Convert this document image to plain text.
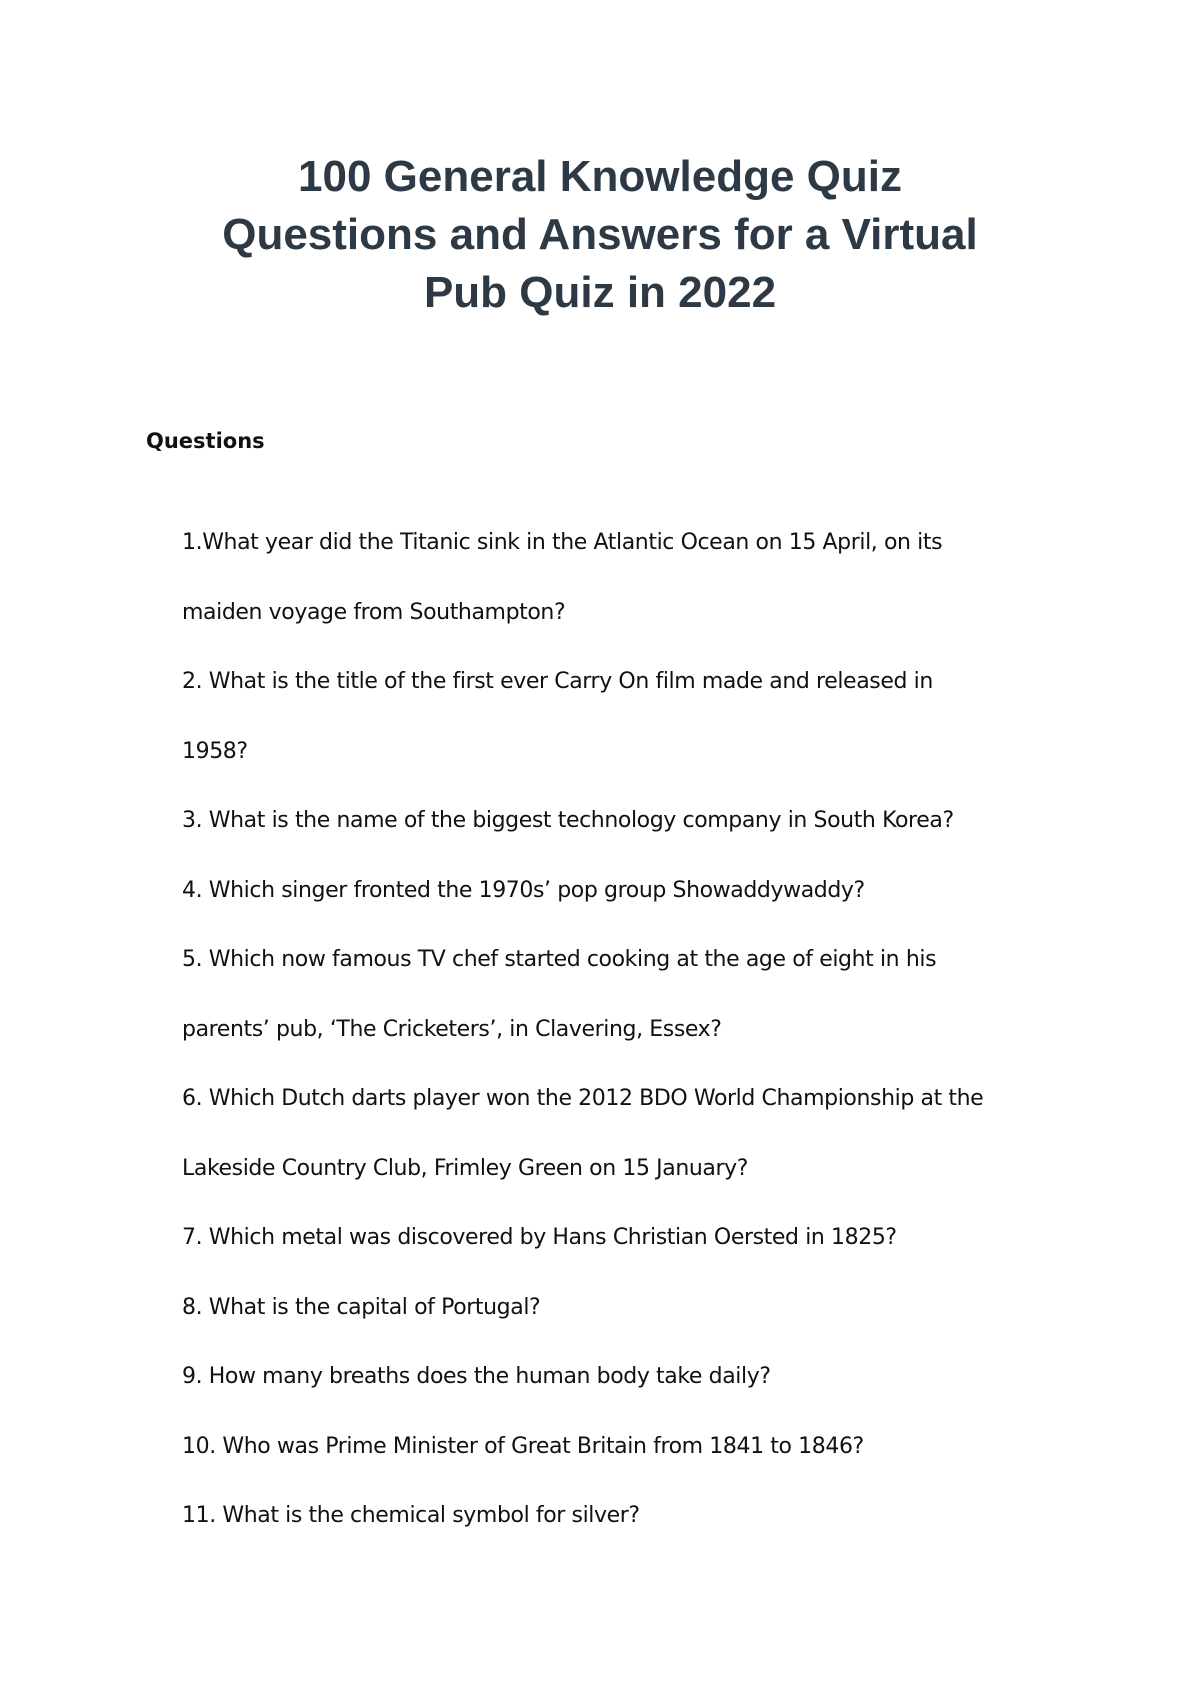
100 General Knowledge Quiz
Questions and Answers for a Virtual
Pub Quiz in 2022
Questions
1.What year did the Titanic sink in the Atlantic Ocean on 15 April, on its
maiden voyage from Southampton?
2. What is the title of the first ever Carry On film made and released in
1958?
3. What is the name of the biggest technology company in South Korea?
4. Which singer fronted the 1970s’ pop group Showaddywaddy?
5. Which now famous TV chef started cooking at the age of eight in his
parents’ pub, ‘The Cricketers’, in Clavering, Essex?
6. Which Dutch darts player won the 2012 BDO World Championship at the
Lakeside Country Club, Frimley Green on 15 January?
7. Which metal was discovered by Hans Christian Oersted in 1825?
8. What is the capital of Portugal?
9. How many breaths does the human body take daily?
10. Who was Prime Minister of Great Britain from 1841 to 1846?
11. What is the chemical symbol for silver?
